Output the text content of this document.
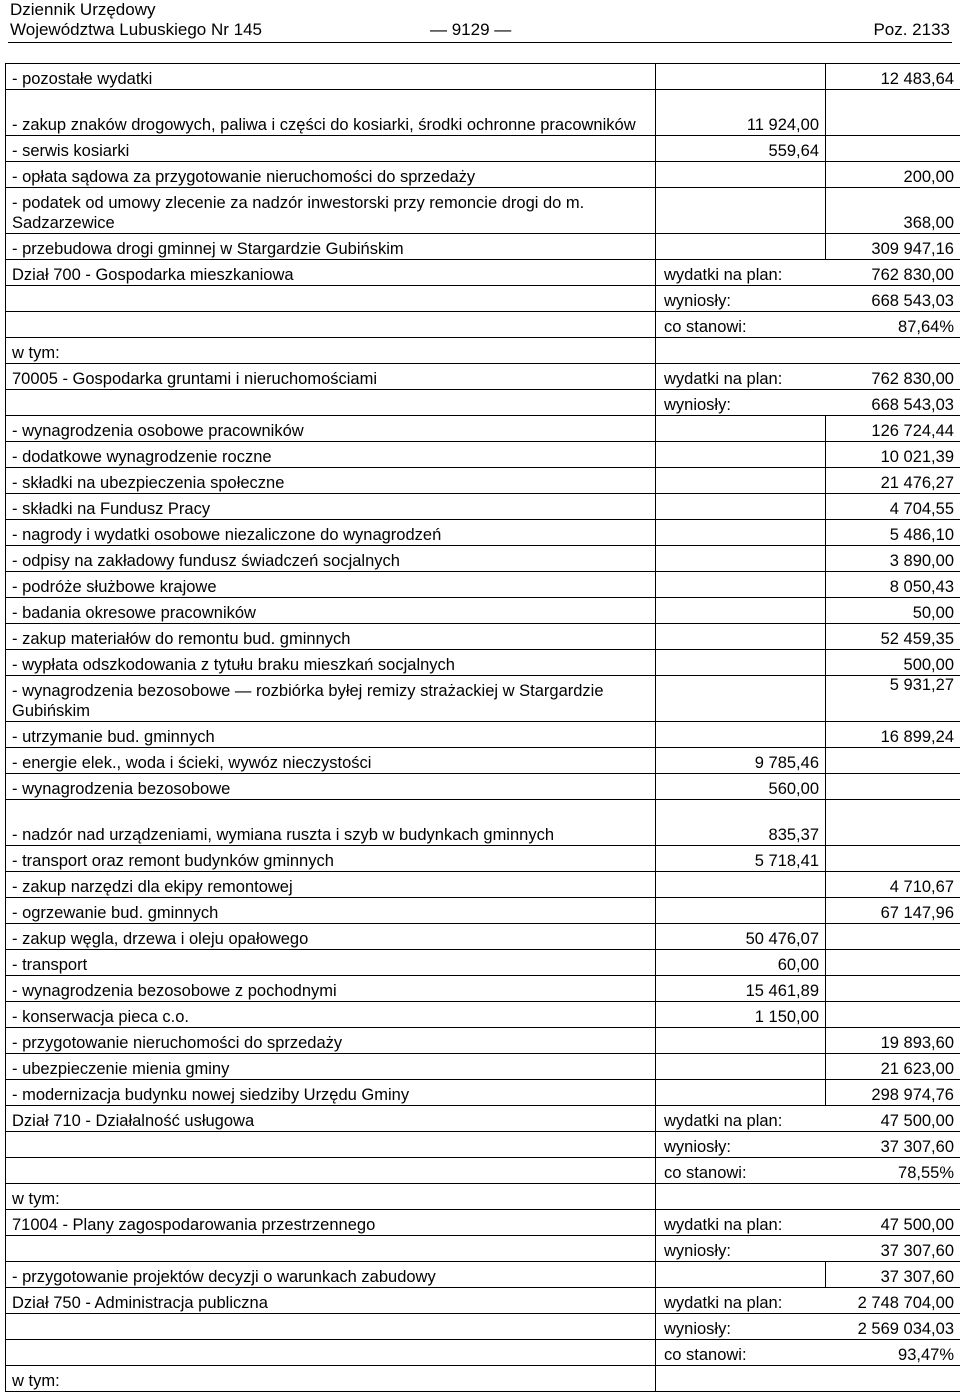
Dziennik Urzędowy
Województwa Lubuskiego Nr 145	— 9129 —	Poz. 2133
- pozostałe wydatki		12 483,64
- zakup znaków drogowych, paliwa i części do kosiarki, środki ochronne pracowników	11 924,00	
- serwis kosiarki	559,64	
- opłata sądowa za przygotowanie nieruchomości do sprzedaży		200,00
- podatek od umowy zlecenie za nadzór inwestorski przy remoncie drogi do m. Sadzarzewice		368,00
- przebudowa drogi gminnej w Stargardzie Gubińskim		309 947,16
Dział 700 - Gospodarka mieszkaniowa	wydatki na plan:	762 830,00
	wyniosły:	668 543,03
	co stanowi:	87,64%
w tym:		
70005 - Gospodarka gruntami i nieruchomościami	wydatki na plan:	762 830,00
	wyniosły:	668 543,03
- wynagrodzenia osobowe pracowników		126 724,44
- dodatkowe wynagrodzenie roczne		10 021,39
- składki na ubezpieczenia społeczne		21 476,27
- składki na Fundusz Pracy		4 704,55
- nagrody i wydatki osobowe niezaliczone do wynagrodzeń		5 486,10
- odpisy na zakładowy fundusz świadczeń socjalnych		3 890,00
- podróże służbowe krajowe		8 050,43
- badania okresowe pracowników		50,00
- zakup materiałów do remontu bud. gminnych		52 459,35
- wypłata odszkodowania z tytułu braku mieszkań socjalnych		500,00
- wynagrodzenia bezosobowe — rozbiórka byłej remizy strażackiej w Stargardzie Gubińskim		5 931,27
- utrzymanie bud. gminnych		16 899,24
- energie elek., woda i ścieki, wywóz nieczystości	9 785,46	
- wynagrodzenia bezosobowe	560,00	
- nadzór nad urządzeniami, wymiana ruszta i szyb w budynkach gminnych	835,37	
- transport oraz remont budynków gminnych	5 718,41	
- zakup narzędzi dla ekipy remontowej		4 710,67
- ogrzewanie bud. gminnych		67 147,96
- zakup węgla, drzewa i oleju opałowego	50 476,07	
- transport	60,00	
- wynagrodzenia bezosobowe z pochodnymi	15 461,89	
- konserwacja pieca c.o.	1 150,00	
- przygotowanie nieruchomości do sprzedaży		19 893,60
- ubezpieczenie mienia gminy		21 623,00
- modernizacja budynku nowej siedziby Urzędu Gminy		298 974,76
Dział 710 - Działalność usługowa	wydatki na plan:	47 500,00
	wyniosły:	37 307,60
	co stanowi:	78,55%
w tym:		
71004 - Plany zagospodarowania przestrzennego	wydatki na plan:	47 500,00
	wyniosły:	37 307,60
- przygotowanie projektów decyzji o warunkach zabudowy		37 307,60
Dział 750 - Administracja publiczna	wydatki na plan:	2 748 704,00
	wyniosły:	2 569 034,03
	co stanowi:	93,47%
w tym:		
